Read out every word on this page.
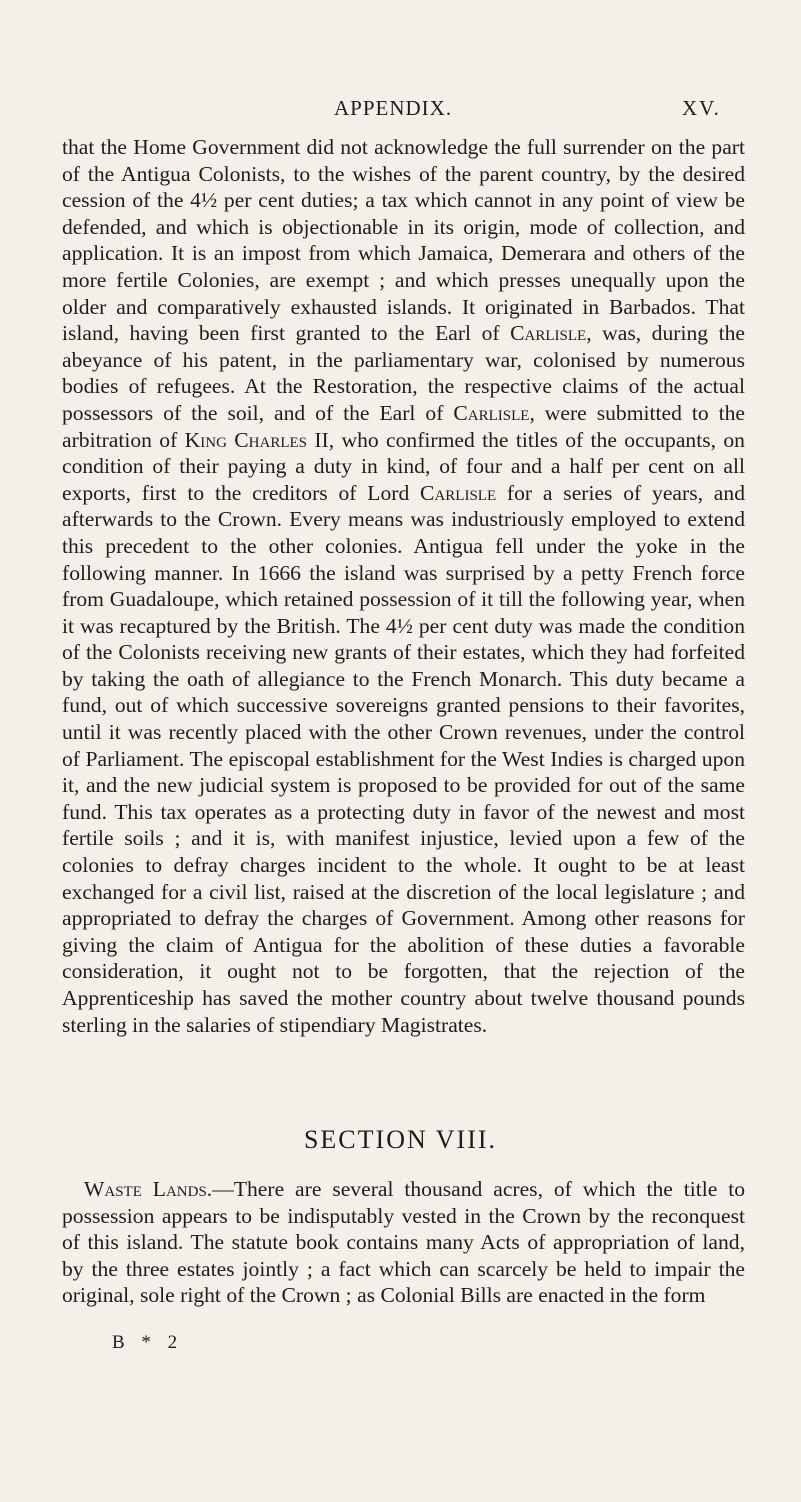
APPENDIX.	XV.

that the Home Government did not acknowledge the full surrender on the part of the Antigua Colonists, to the wishes of the parent country, by the desired cession of the 4½ per cent duties; a tax which cannot in any point of view be defended, and which is objectionable in its origin, mode of collection, and application. It is an impost from which Jamaica, Demerara and others of the more fertile Colonies, are exempt ; and which presses unequally upon the older and comparatively exhausted islands. It originated in Barbados. That island, having been first granted to the Earl of Carlisle, was, during the abeyance of his patent, in the parliamentary war, colonised by numerous bodies of refugees. At the Restoration, the respective claims of the actual possessors of the soil, and of the Earl of Carlisle, were submitted to the arbitration of King Charles II, who confirmed the titles of the occupants, on condition of their paying a duty in kind, of four and a half per cent on all exports, first to the creditors of Lord Carlisle for a series of years, and afterwards to the Crown. Every means was industriously employed to extend this precedent to the other colonies. Antigua fell under the yoke in the following manner. In 1666 the island was surprised by a petty French force from Guadaloupe, which retained possession of it till the following year, when it was recaptured by the British. The 4½ per cent duty was made the condition of the Colonists receiving new grants of their estates, which they had forfeited by taking the oath of allegiance to the French Monarch. This duty became a fund, out of which successive sovereigns granted pensions to their favorites, until it was recently placed with the other Crown revenues, under the control of Parliament. The episcopal establishment for the West Indies is charged upon it, and the new judicial system is proposed to be provided for out of the same fund. This tax operates as a protecting duty in favor of the newest and most fertile soils ; and it is, with manifest injustice, levied upon a few of the colonies to defray charges incident to the whole. It ought to be at least exchanged for a civil list, raised at the discretion of the local legislature ; and appropriated to defray the charges of Government. Among other reasons for giving the claim of Antigua for the abolition of these duties a favorable consideration, it ought not to be forgotten, that the rejection of the Apprenticeship has saved the mother country about twelve thousand pounds sterling in the salaries of stipendiary Magistrates.

SECTION VIII.

Waste Lands.—There are several thousand acres, of which the title to possession appears to be indisputably vested in the Crown by the reconquest of this island. The statute book contains many Acts of appropriation of land, by the three estates jointly ; a fact which can scarcely be held to impair the original, sole right of the Crown ; as Colonial Bills are enacted in the form

B * 2
